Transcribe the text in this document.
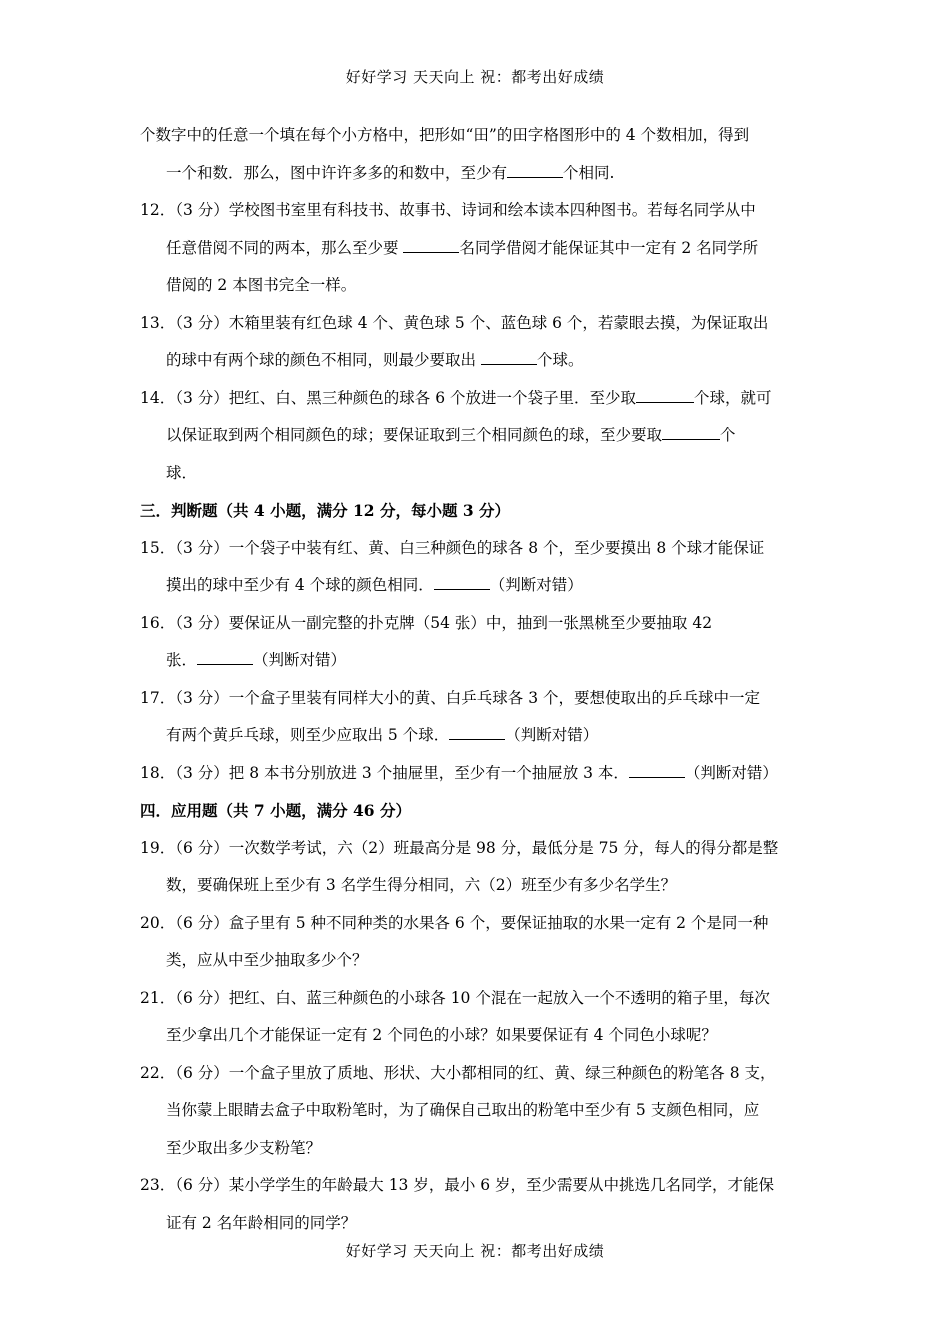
好好学习 天天向上 祝：都考出好成绩
个数字中的任意一个填在每个小方格中，把形如“田”的田字格图形中的 4 个数相加，得到
一个和数．那么，图中许许多多的和数中，至少有	个相同.
12．（3 分）学校图书室里有科技书、故事书、诗词和绘本读本四种图书。若每名同学从中
任意借阅不同的两本，那么至少要	名同学借阅才能保证其中一定有 2 名同学所
借阅的 2 本图书完全一样。
13．（3 分）木箱里装有红色球 4 个、黄色球 5 个、蓝色球 6 个，若蒙眼去摸，为保证取出
的球中有两个球的颜色不相同，则最少要取出	个球。
14．（3 分）把红、白、黑三种颜色的球各 6 个放进一个袋子里．至少取	个球，就可
以保证取到两个相同颜色的球；要保证取到三个相同颜色的球，至少要取	个
球．
三．判断题（共 4 小题，满分 12 分，每小题 3 分）
15．（3 分）一个袋子中装有红、黄、白三种颜色的球各 8 个，至少要摸出 8 个球才能保证
摸出的球中至少有 4 个球的颜色相同．	（判断对错）
16．（3 分）要保证从一副完整的扑克牌（54 张）中，抽到一张黑桃至少要抽取 42
张．	（判断对错）
17．（3 分）一个盒子里装有同样大小的黄、白乒乓球各 3 个，要想使取出的乒乓球中一定
有两个黄乒乓球，则至少应取出 5 个球．	（判断对错）
18．（3 分）把 8 本书分别放进 3 个抽屉里，至少有一个抽屉放 3 本．	（判断对错）
四．应用题（共 7 小题，满分 46 分）
19．（6 分）一次数学考试，六（2）班最高分是 98 分，最低分是 75 分，每人的得分都是整
数，要确保班上至少有 3 名学生得分相同，六（2）班至少有多少名学生？
20．（6 分）盒子里有 5 种不同种类的水果各 6 个，要保证抽取的水果一定有 2 个是同一种
类，应从中至少抽取多少个？
21．（6 分）把红、白、蓝三种颜色的小球各 10 个混在一起放入一个不透明的箱子里，每次
至少拿出几个才能保证一定有 2 个同色的小球？如果要保证有 4 个同色小球呢？
22．（6 分）一个盒子里放了质地、形状、大小都相同的红、黄、绿三种颜色的粉笔各 8 支，
当你蒙上眼睛去盒子中取粉笔时，为了确保自己取出的粉笔中至少有 5 支颜色相同，应
至少取出多少支粉笔？
23．（6 分）某小学学生的年龄最大 13 岁，最小 6 岁，至少需要从中挑选几名同学，才能保
证有 2 名年龄相同的同学？
好好学习 天天向上 祝：都考出好成绩
